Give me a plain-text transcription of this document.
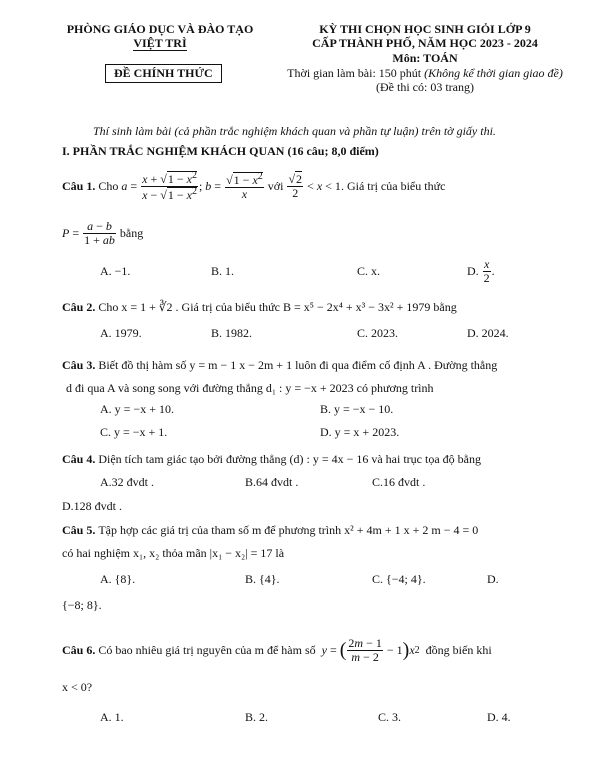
PHÒNG GIÁO DỤC VÀ ĐÀO TẠO
VIỆT TRÌ
ĐỀ CHÍNH THỨC
KỲ THI CHỌN HỌC SINH GIỎI LỚP 9
CẤP THÀNH PHỐ, NĂM HỌC 2023 - 2024
Môn: TOÁN
Thời gian làm bài: 150 phút (Không kể thời gian giao đề)
(Đề thi có: 03 trang)
Thí sinh làm bài (cả phần trắc nghiệm khách quan và phần tự luận) trên tờ giấy thi.
I. PHẦN TRẮC NGHIỆM KHÁCH QUAN (16 câu; 8,0 điểm)
Câu 1.
Cho
$a = \frac{x + √1 - x^2}{x - √1 - x^2}$ ; $b = \frac{√1 - x^2}{x}$
với
$\frac{√2}{2} < x < 1$ . Giá trị của biểu thức
$P = \frac{a - b}{1 + ab}$
bằng
A. −1.	B. 1.	C. x.	D.
$\frac{x}{2}$ .
Câu 2. Cho x = 1 + ∛2 . Giá trị của biểu thức B = x⁵ − 2x⁴ + x³ − 3x² + 1979 bằng
A. 1979.	B. 1982.	C. 2023.	D. 2024.
Câu 3. Biết đồ thị hàm số y = m − 1 x − 2m + 1 luôn đi qua điểm cố định A . Đường thẳng
d đi qua A và song song với đường thẳng d₁ : y = −x + 2023 có phương trình
A. y = −x + 10.	B. y = −x − 10.
C. y = −x + 1.	D. y = x + 2023.
Câu 4. Diện tích tam giác tạo bởi đường thẳng (d) : y = 4x − 16 và hai trục tọa độ bằng
A.32 đvdt .	B.64 đvdt .	C.16 đvdt .
D.128 đvdt .
Câu 5. Tập hợp các giá trị của tham số m để phương trình x² + 4m + 1 x + 2 m − 4 = 0
có hai nghiệm x₁, x₂ thỏa mãn |x₁ − x₂| = 17 là
A. {8}.	B. {4}.	C. {−4; 4}.	D.
{−8; 8}.
Câu 6.
Có bao nhiêu giá trị nguyên của m để hàm số
y = ( $\frac{2m - 1}{m - 2} - 1$ ) x 2
đồng biến khi
x < 0?
A. 1.	B. 2.	C. 3.	D. 4.
